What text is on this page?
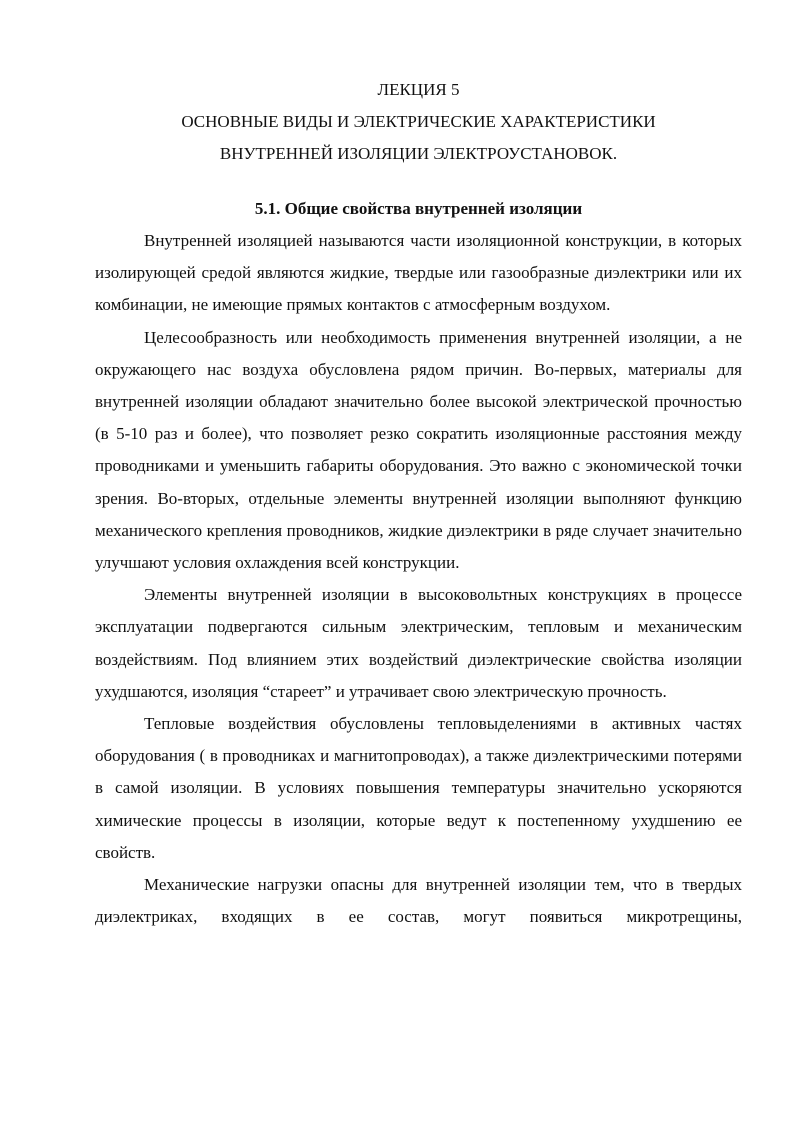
ЛЕКЦИЯ 5

ОСНОВНЫЕ ВИДЫ И ЭЛЕКТРИЧЕСКИЕ ХАРАКТЕРИСТИКИ

ВНУТРЕННЕЙ ИЗОЛЯЦИИ ЭЛЕКТРОУСТАНОВОК.

5.1. Общие свойства внутренней изоляции

Внутренней изоляцией называются части изоляционной конструкции, в которых изолирующей средой являются жидкие, твердые или газообразные диэлектрики или их комбинации, не имеющие прямых контактов с атмосферным воздухом.

Целесообразность или необходимость применения внутренней изоляции, а не окружающего нас воздуха обусловлена рядом причин. Во-первых, материалы для внутренней изоляции обладают значительно более высокой электрической прочностью (в 5-10 раз и более), что позволяет резко сократить изоляционные расстояния между проводниками и уменьшить габариты оборудования. Это важно с экономической точки зрения. Во-вторых, отдельные элементы внутренней изоляции выполняют функцию механического крепления проводников, жидкие диэлектрики в ряде случает значительно улучшают условия охлаждения всей конструкции.

Элементы внутренней изоляции в высоковольтных конструкциях в процессе эксплуатации подвергаются сильным электрическим, тепловым и механическим воздействиям. Под влиянием этих воздействий диэлектрические свойства изоляции ухудшаются, изоляция “стареет” и утрачивает свою электрическую прочность.

Тепловые воздействия обусловлены тепловыделениями в активных частях оборудования ( в проводниках и магнитопроводах), а также диэлектрическими потерями в самой изоляции. В условиях повышения температуры значительно ускоряются химические процессы в изоляции, которые ведут к постепенному ухудшению ее свойств.

Механические нагрузки опасны для внутренней изоляции тем, что в твердых диэлектриках, входящих в ее состав, могут появиться микротрещины,
